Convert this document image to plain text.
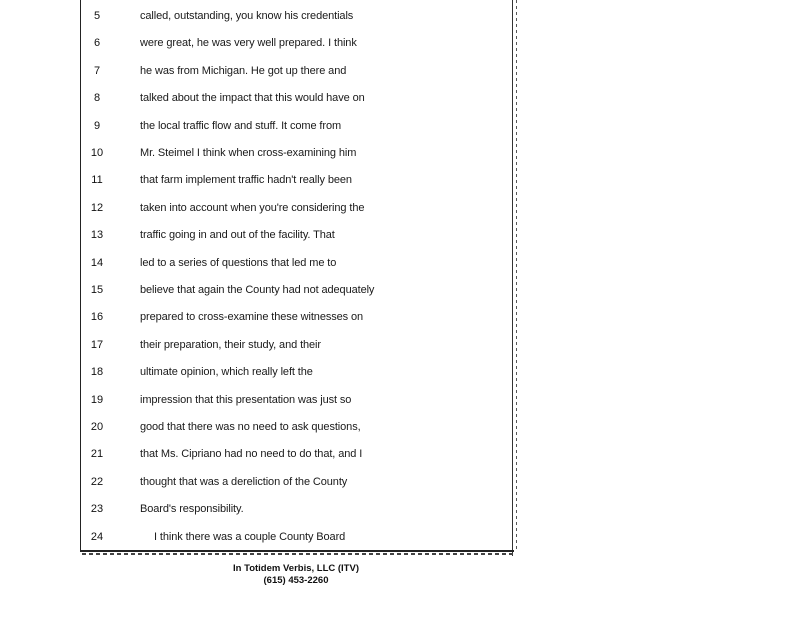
5	called, outstanding, you know his credentials
6	were great, he was very well prepared. I think
7	he was from Michigan. He got up there and
8	talked about the impact that this would have on
9	the local traffic flow and stuff. It come from
10	Mr. Steimel I think when cross-examining him
11	that farm implement traffic hadn't really been
12	taken into account when you're considering the
13	traffic going in and out of the facility. That
14	led to a series of questions that led me to
15	believe that again the County had not adequately
16	prepared to cross-examine these witnesses on
17	their preparation, their study, and their
18	ultimate opinion, which really left the
19	impression that this presentation was just so
20	good that there was no need to ask questions,
21	that Ms. Cipriano had no need to do that, and I
22	thought that was a dereliction of the County
23	Board's responsibility.
24	I think there was a couple County Board
In Totidem Verbis, LLC (ITV)
(615) 453-2260
